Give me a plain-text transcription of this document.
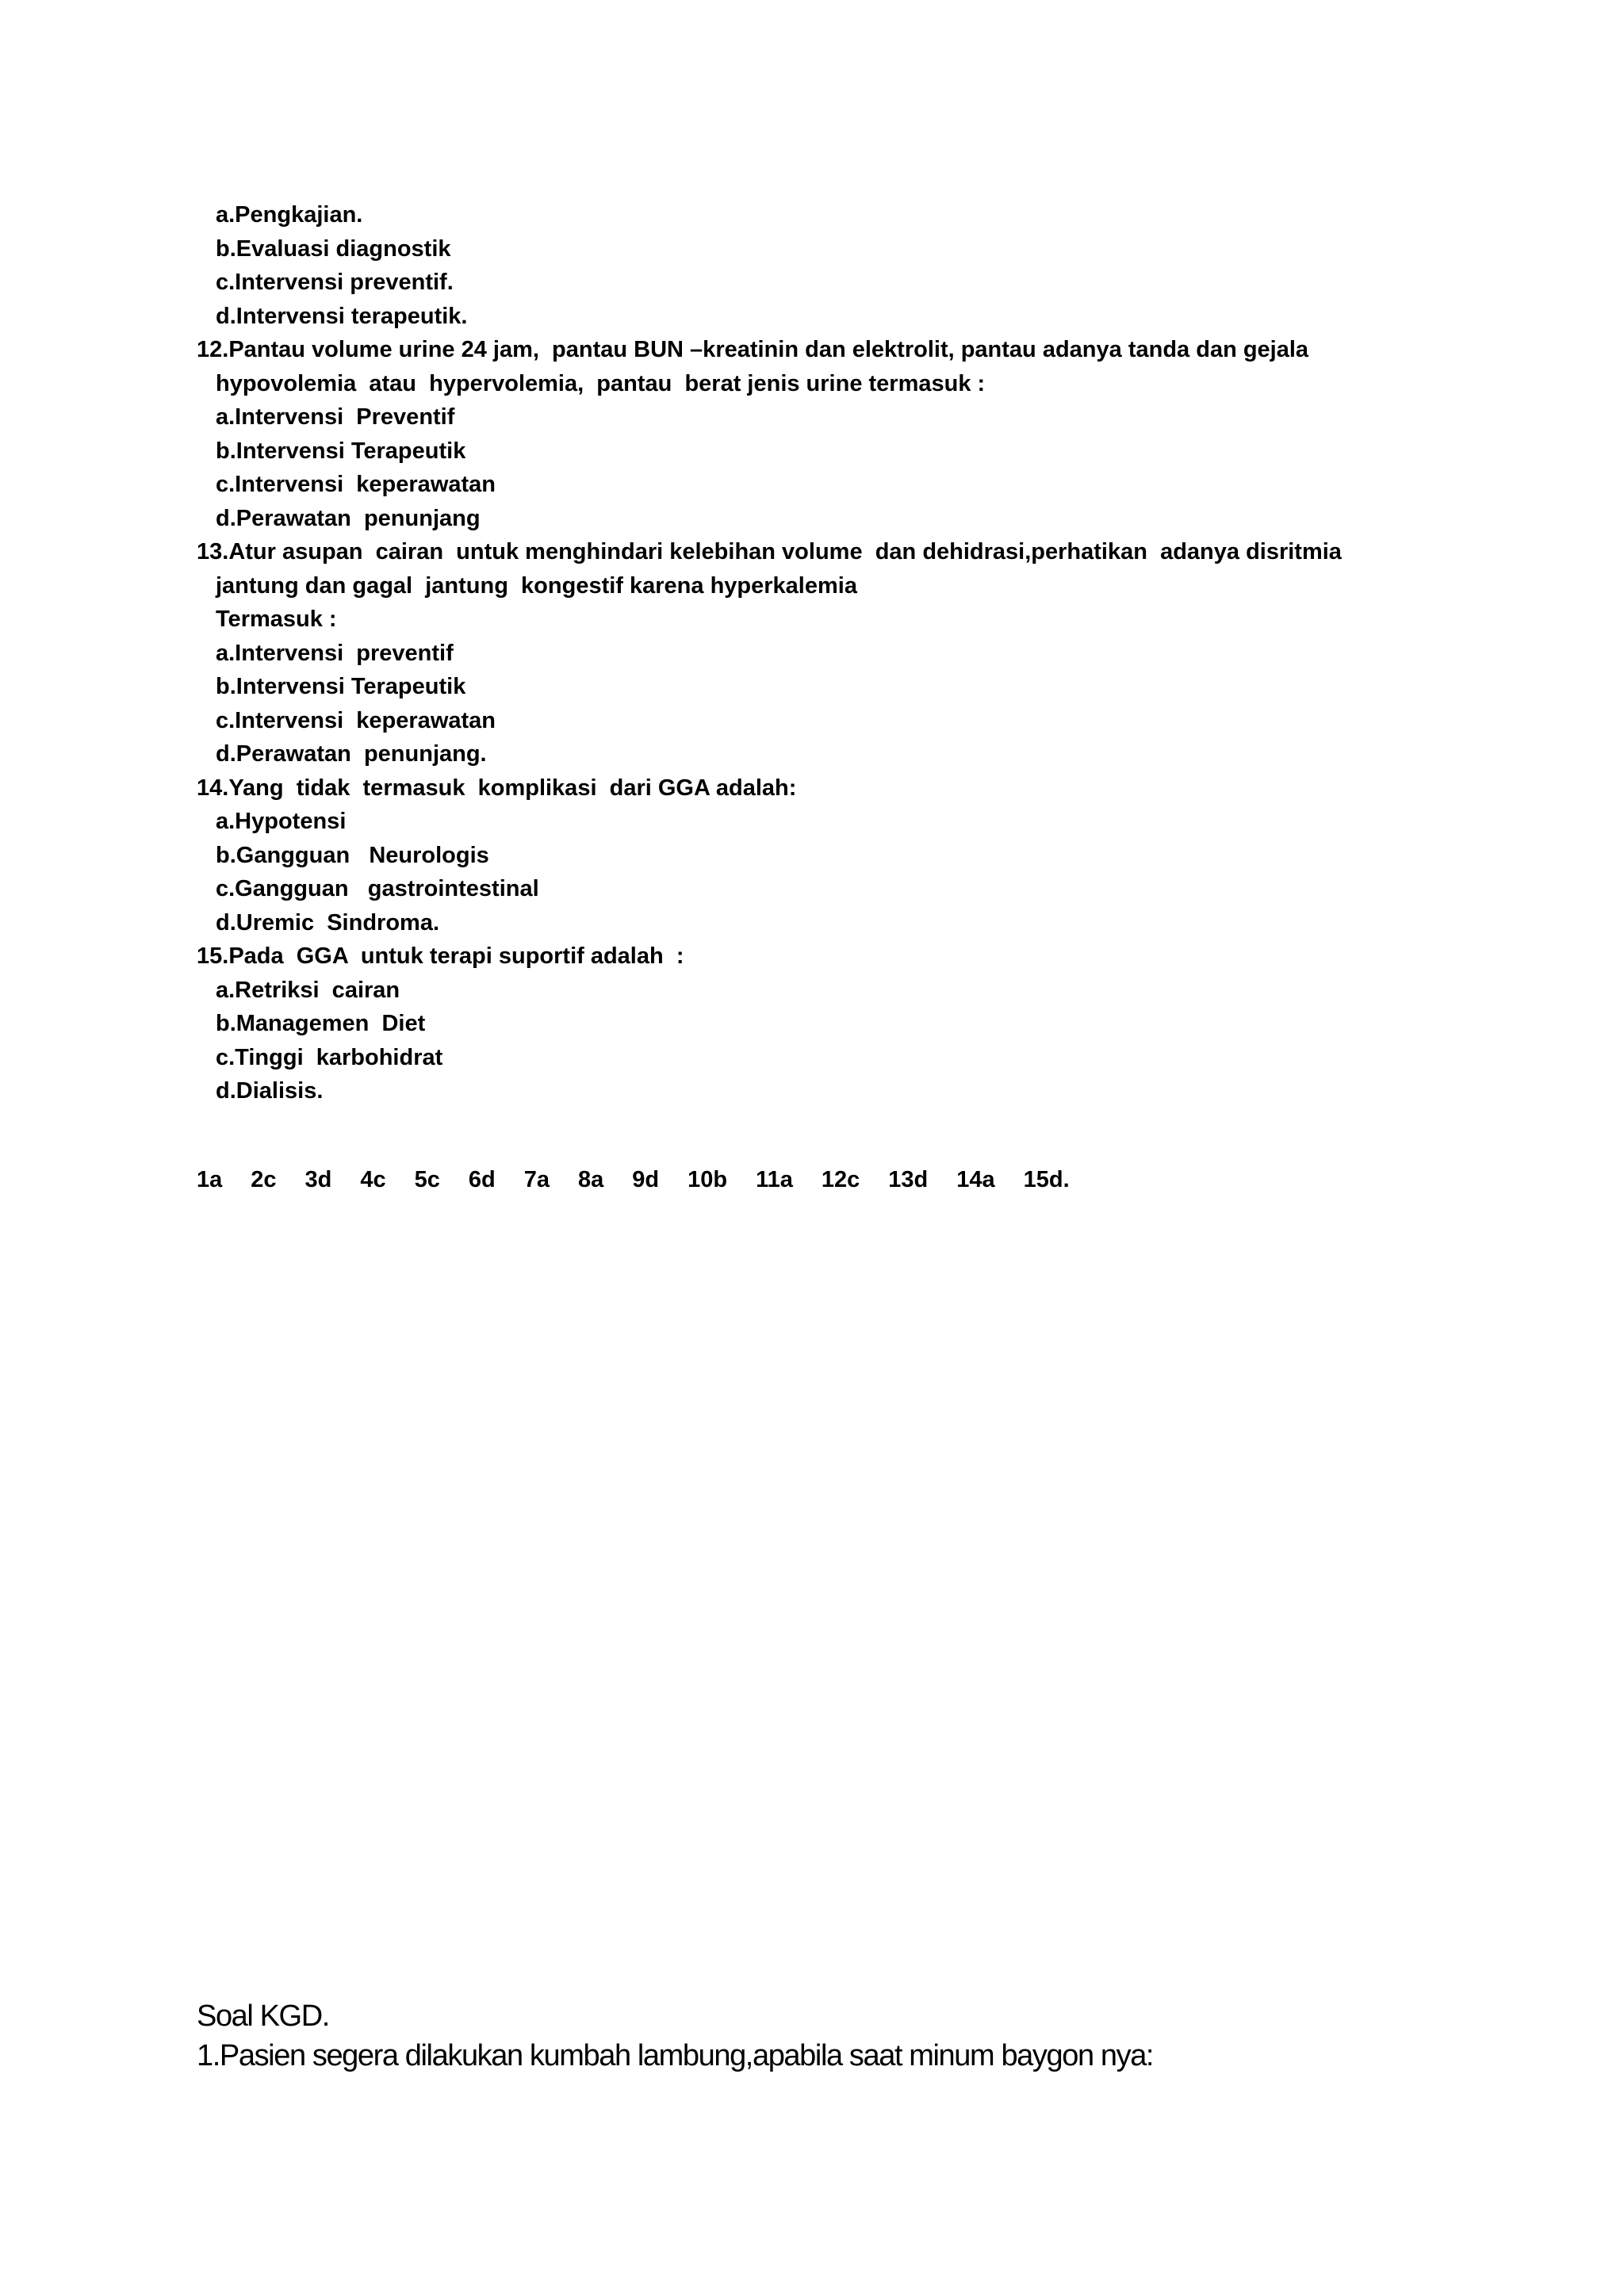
a.Pengkajian.
b.Evaluasi diagnostik
c.Intervensi preventif.
d.Intervensi terapeutik.
12.Pantau volume urine 24 jam,  pantau BUN –kreatinin dan elektrolit, pantau adanya tanda dan gejala
hypovolemia  atau  hypervolemia,  pantau  berat jenis urine termasuk :
a.Intervensi  Preventif
b.Intervensi Terapeutik
c.Intervensi  keperawatan
d.Perawatan  penunjang
13.Atur asupan  cairan  untuk menghindari kelebihan volume  dan dehidrasi,perhatikan  adanya disritmia
jantung dan gagal  jantung  kongestif karena hyperkalemia
Termasuk :
a.Intervensi  preventif
b.Intervensi Terapeutik
c.Intervensi  keperawatan
d.Perawatan  penunjang.
14.Yang  tidak  termasuk  komplikasi  dari GGA adalah:
a.Hypotensi
b.Gangguan   Neurologis
c.Gangguan   gastrointestinal
d.Uremic  Sindroma.
15.Pada  GGA  untuk terapi suportif adalah  :
a.Retriksi  cairan
b.Managemen  Diet
c.Tinggi  karbohidrat
d.Dialisis.
1a 2c 3d 4c 5c 6d 7a 8a 9d 10b 11a 12c 13d 14a 15d.
Soal KGD.
1.Pasien segera dilakukan kumbah lambung,apabila saat minum baygon nya:
